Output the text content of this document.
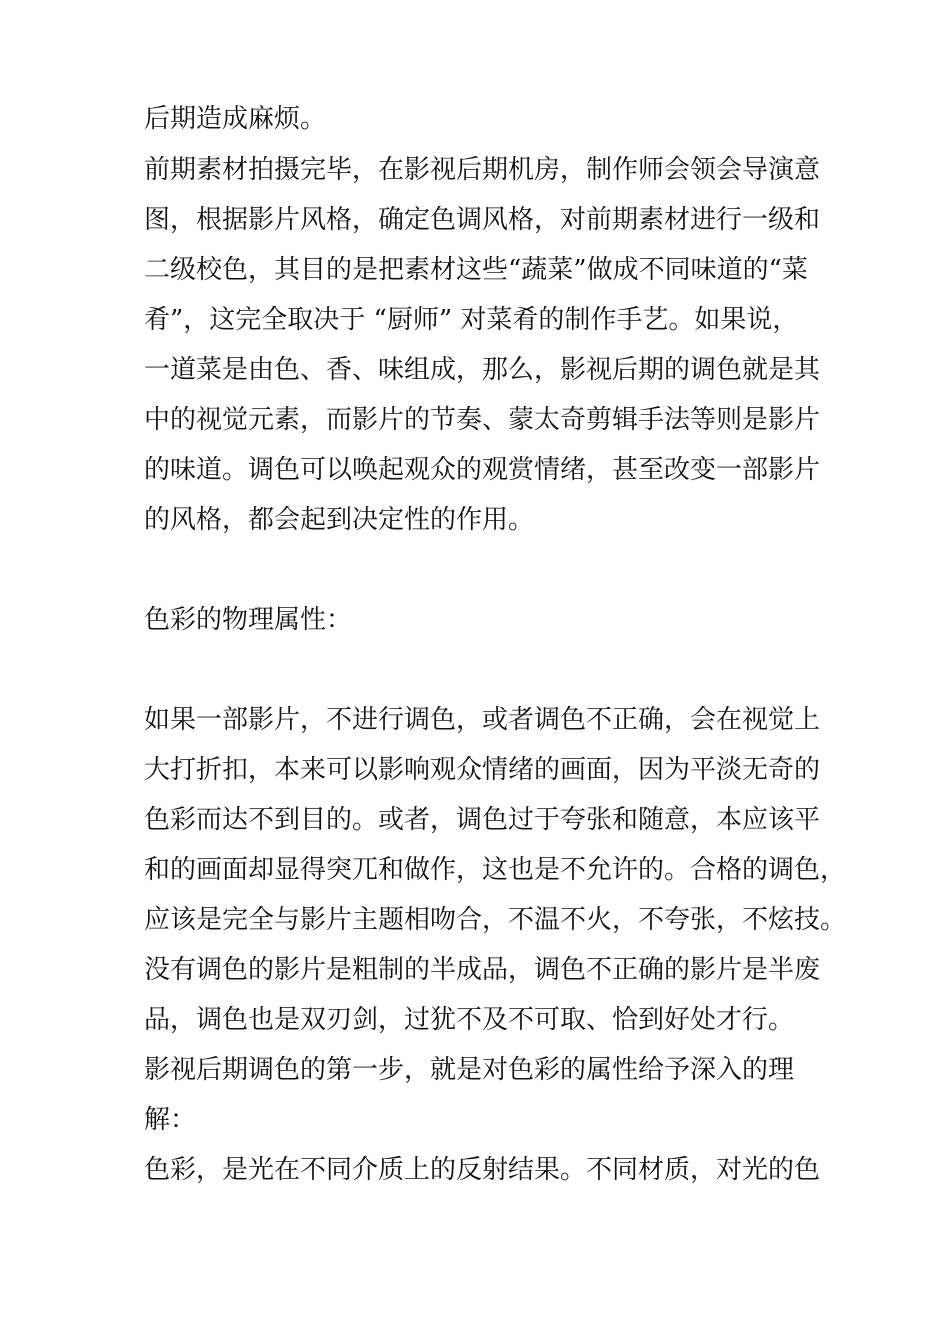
后期造成麻烦。
前期素材拍摄完毕，在影视后期机房，制作师会领会导演意
图，根据影片风格，确定色调风格，对前期素材进行一级和
二级校色，其目的是把素材这些“蔬菜”做成不同味道的“菜
肴”，这完全取决于 “厨师” 对菜肴的制作手艺。如果说，
一道菜是由色、香、味组成，那么，影视后期的调色就是其
中的视觉元素，而影片的节奏、蒙太奇剪辑手法等则是影片
的味道。调色可以唤起观众的观赏情绪，甚至改变一部影片
的风格，都会起到决定性的作用。
色彩的物理属性：
如果一部影片，不进行调色，或者调色不正确，会在视觉上
大打折扣，本来可以影响观众情绪的画面，因为平淡无奇的
色彩而达不到目的。或者，调色过于夸张和随意，本应该平
和的画面却显得突兀和做作，这也是不允许的。合格的调色，
应该是完全与影片主题相吻合，不温不火，不夸张，不炫技。
没有调色的影片是粗制的半成品，调色不正确的影片是半废
品，调色也是双刃剑，过犹不及不可取、恰到好处才行。
影视后期调色的第一步，就是对色彩的属性给予深入的理
解：
色彩，是光在不同介质上的反射结果。不同材质，对光的色
